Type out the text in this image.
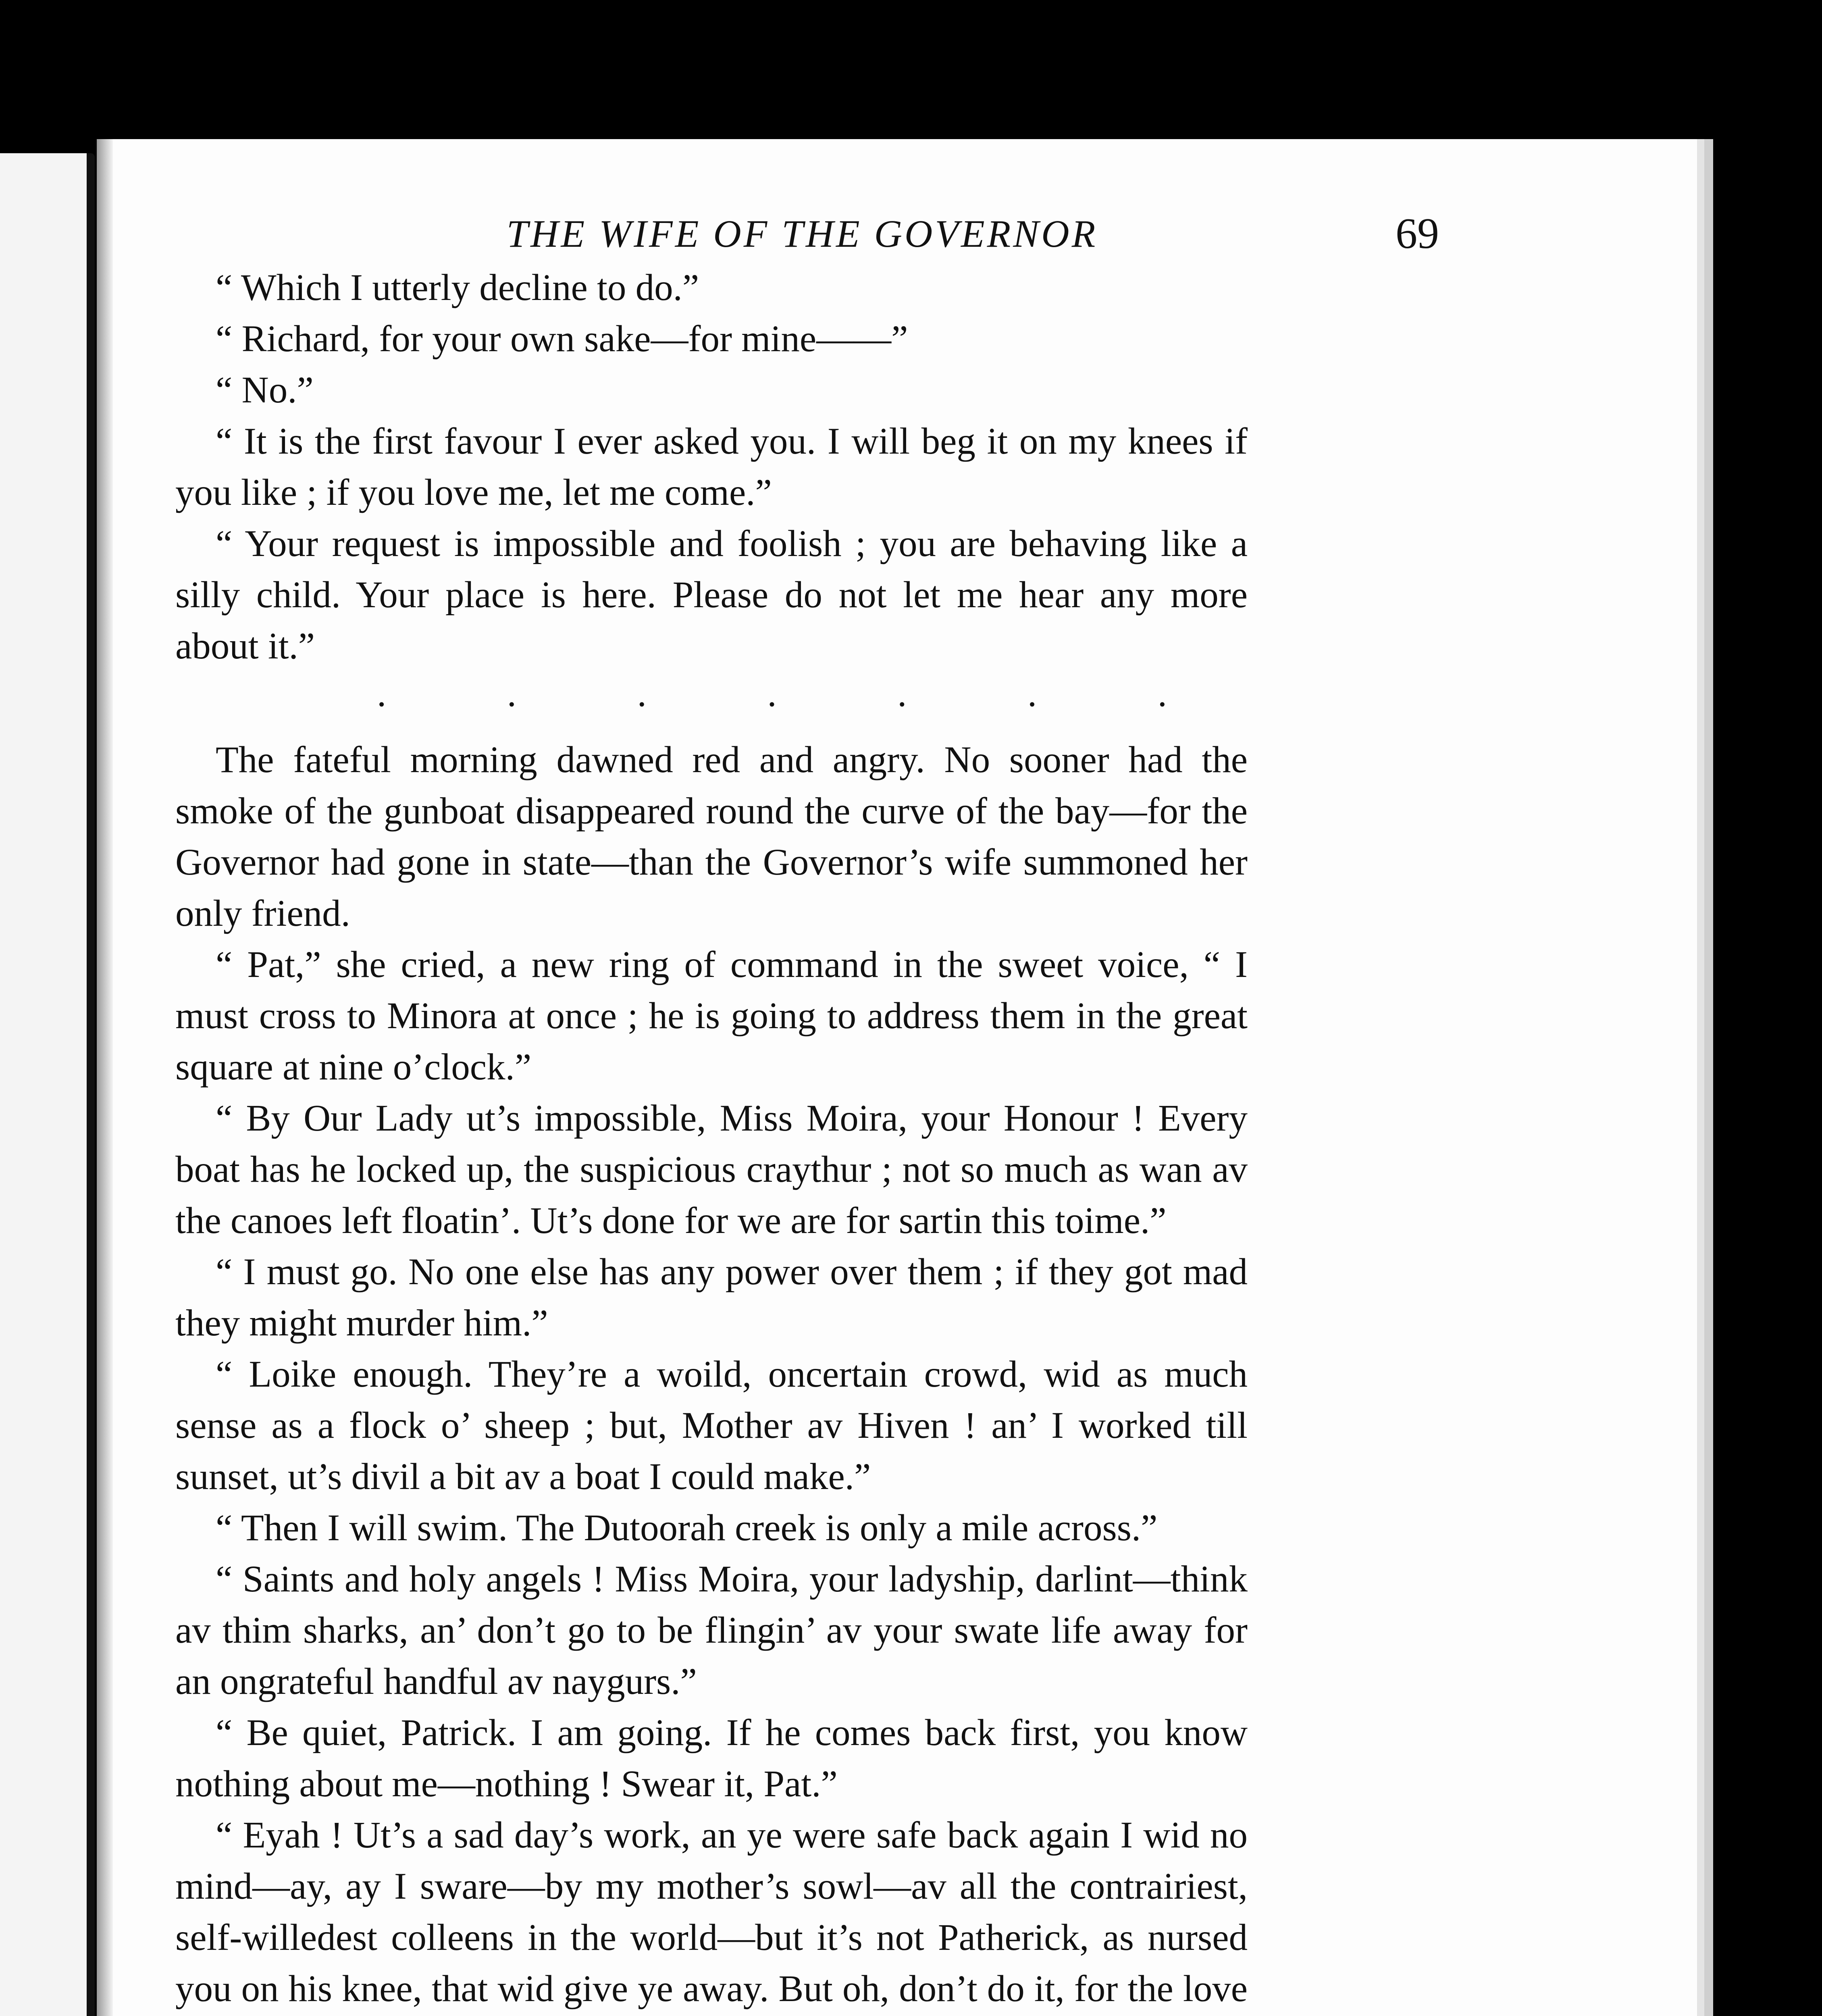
THE WIFE OF THE GOVERNOR	69

“ Which I utterly decline to do.”

“ Richard, for your own sake—for mine——”

“ No.”

“ It is the first favour I ever asked you. I will beg it on my knees if you like ; if you love me, let me come.”

“ Your request is impossible and foolish ; you are behaving like a silly child. Your place is here. Please do not let me hear any more about it.”

.	.	.	.	.	.	.

The fateful morning dawned red and angry. No sooner had the smoke of the gunboat disappeared round the curve of the bay—for the Governor had gone in state—than the Governor’s wife summoned her only friend.

“ Pat,” she cried, a new ring of command in the sweet voice, “ I must cross to Minora at once ; he is going to address them in the great square at nine o’clock.”

“ By Our Lady ut’s impossible, Miss Moira, your Honour ! Every boat has he locked up, the suspicious craythur ; not so much as wan av the canoes left floatin’. Ut’s done for we are for sartin this toime.”

“ I must go. No one else has any power over them ; if they got mad they might murder him.”

“ Loike enough. They’re a woild, oncertain crowd, wid as much sense as a flock o’ sheep ; but, Mother av Hiven ! an’ I worked till sunset, ut’s divil a bit av a boat I could make.”

“ Then I will swim. The Dutoorah creek is only a mile across.”

“ Saints and holy angels ! Miss Moira, your ladyship, darlint—think av thim sharks, an’ don’t go to be flingin’ av your swate life away for an ongrateful handful av naygurs.”

“ Be quiet, Patrick. I am going. If he comes back first, you know nothing about me—nothing ! Swear it, Pat.”

“ Eyah ! Ut’s a sad day’s work, an ye were safe back again I wid no mind—ay, ay I sware—by my mother’s sowl—av all the contrairiest, self-willedest colleens in the world—but it’s not Patherick, as nursed you on his knee, that wid give ye away. But oh, don’t do it, for the love
